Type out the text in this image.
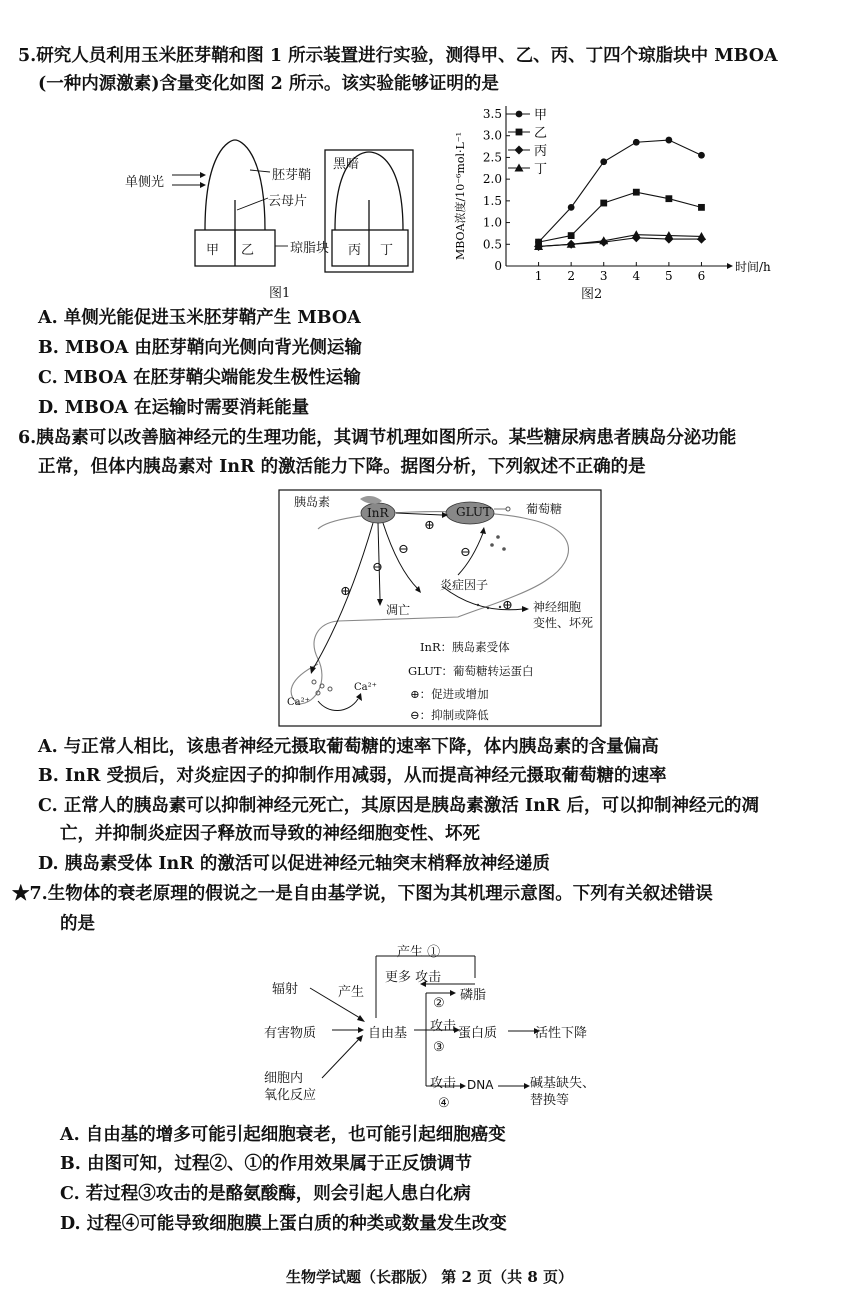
5.研究人员利用玉米胚芽鞘和图 1 所示装置进行实验，测得甲、乙、丙、丁四个琼脂块中 MBOA
(一种内源激素)含量变化如图 2 所示。该实验能够证明的是
单侧光	胚芽鞘
云母片
琼脂块
黑暗
甲 乙	丙 丁
图1
0
0.5
1.0
1.5
2.0
2.5
3.0
3.5
1 2 3 4 5 6
时间/h
MBOA浓度/10⁻⁶mol·L⁻¹
甲
乙
丙
丁
图2
A. 单侧光能促进玉米胚芽鞘产生 MBOA
B. MBOA 由胚芽鞘向光侧向背光侧运输
C. MBOA 在胚芽鞘尖端能发生极性运输
D. MBOA 在运输时需要消耗能量
6.胰岛素可以改善脑神经元的生理功能，其调节机理如图所示。某些糖尿病患者胰岛分泌功能
正常，但体内胰岛素对 InR 的激活能力下降。据图分析，下列叙述不正确的是
胰岛素
InR	GLUT	葡萄糖
⊕
⊖	⊖
⊖
炎症因子
⊕
⊕ 神经细胞
变性、坏死
凋亡
Ca²⁺
Ca²⁺
InR：胰岛素受体
GLUT：葡萄糖转运蛋白
⊕：促进或增加
⊖：抑制或降低
A. 与正常人相比，该患者神经元摄取葡萄糖的速率下降，体内胰岛素的含量偏高
B. InR 受损后，对炎症因子的抑制作用减弱，从而提高神经元摄取葡萄糖的速率
C. 正常人的胰岛素可以抑制神经元死亡，其原因是胰岛素激活 InR 后，可以抑制神经元的凋
亡，并抑制炎症因子释放而导致的神经细胞变性、坏死
D. 胰岛素受体 InR 的激活可以促进神经元轴突末梢释放神经递质
★7.生物体的衰老原理的假说之一是自由基学说，下图为其机理示意图。下列有关叙述错误
的是
产生 ①
更多 攻击
辐射	产生	磷脂
②
攻击
有害物质	自由基	蛋白质	活性下降
③
细胞内
氧化反应
攻击 DNA	碱基缺失、
替换等
④
A. 自由基的增多可能引起细胞衰老，也可能引起细胞癌变
B. 由图可知，过程②、①的作用效果属于正反馈调节
C. 若过程③攻击的是酪氨酸酶，则会引起人患白化病
D. 过程④可能导致细胞膜上蛋白质的种类或数量发生改变
生物学试题（长郡版） 第 2 页（共 8 页）
